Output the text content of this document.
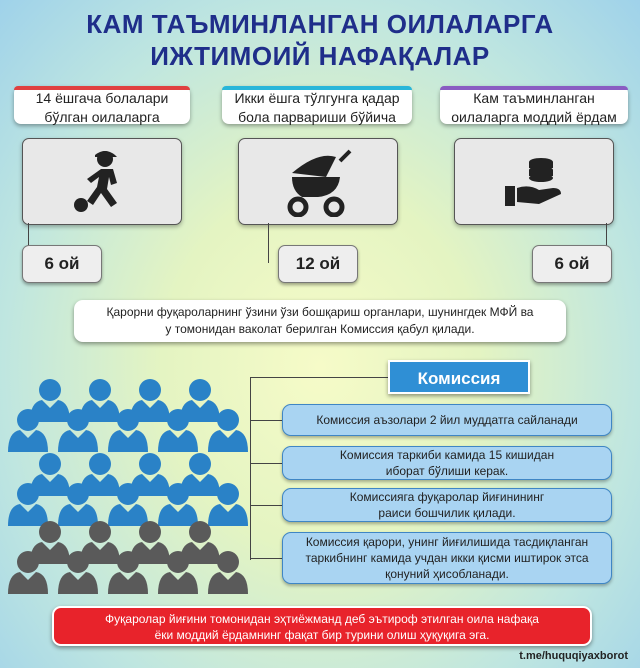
КАМ ТАЪМИНЛАНГАН ОИЛАЛАРГА
ИЖТИМОИЙ НАФАҚАЛАР
14 ёшгача болалари
бўлган оилаларга
Икки ёшга тўлгунга қадар
бола парвариши бўйича
Кам таъминланган
оилаларга моддий ёрдам
6 ой	12 ой	6 ой
Қарорни фуқароларнинг ўзини ўзи бошқариш органлари, шунингдек МФЙ ва
у томонидан ваколат берилган Комиссия қабул қилади.
Комиссия
Комиссия аъзолари 2 йил муддатга сайланади
Комиссия таркиби камида 15 кишидан
иборат бўлиши керак.
Комиссияга фуқаролар йиғинининг
раиси бошчилик қилади.
Комиссия қарори, унинг йиғилишида тасдиқланган
таркибнинг камида учдан икки қисми иштирок этса
қонуний ҳисобланади.
Фуқаролар йиғини томонидан эҳтиёжманд деб эътироф этилган оила нафақа
ёки моддий ёрдамнинг фақат бир турини олиш ҳуқуқига эга.
t.me/huquqiyaxborot
